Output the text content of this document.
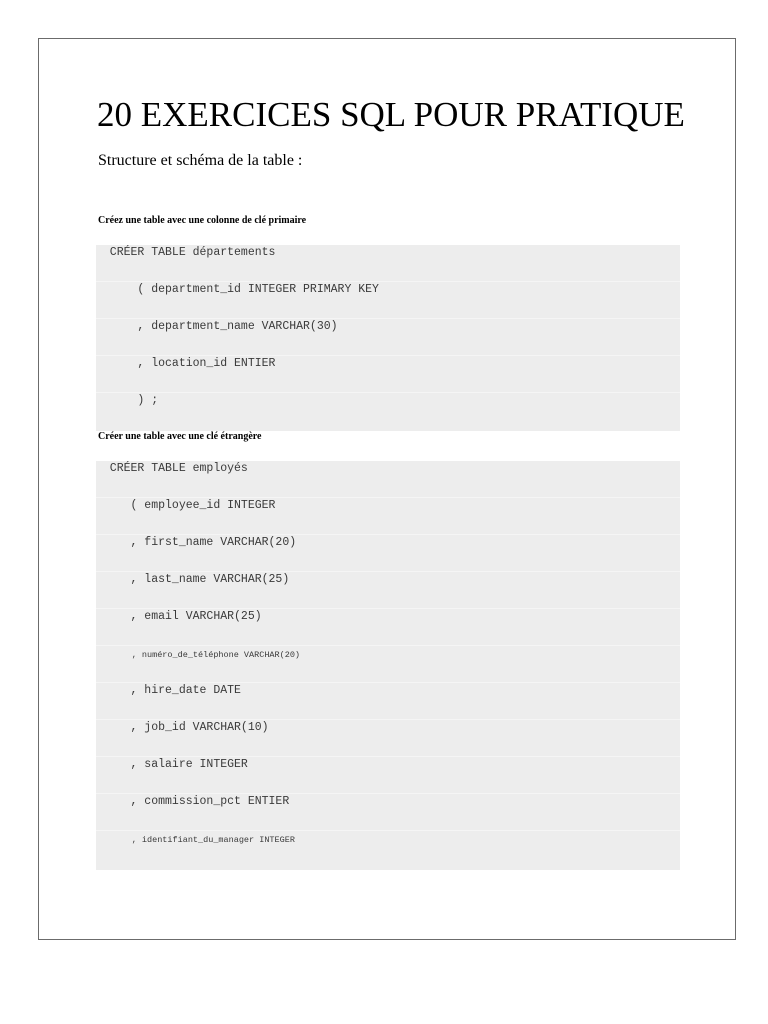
20 EXERCICES SQL POUR PRATIQUE

Structure et schéma de la table :

Créez une table avec une colonne de clé primaire

CRÉER TABLE départements
( department_id INTEGER PRIMARY KEY
, department_name VARCHAR(30)
, location_id ENTIER
) ;

Créer une table avec une clé étrangère

CRÉER TABLE employés
( employee_id INTEGER
, first_name VARCHAR(20)
, last_name VARCHAR(25)
, email VARCHAR(25)
, numéro_de_téléphone VARCHAR(20)
, hire_date DATE
, job_id VARCHAR(10)
, salaire INTEGER
, commission_pct ENTIER
, identifiant_du_manager INTEGER
